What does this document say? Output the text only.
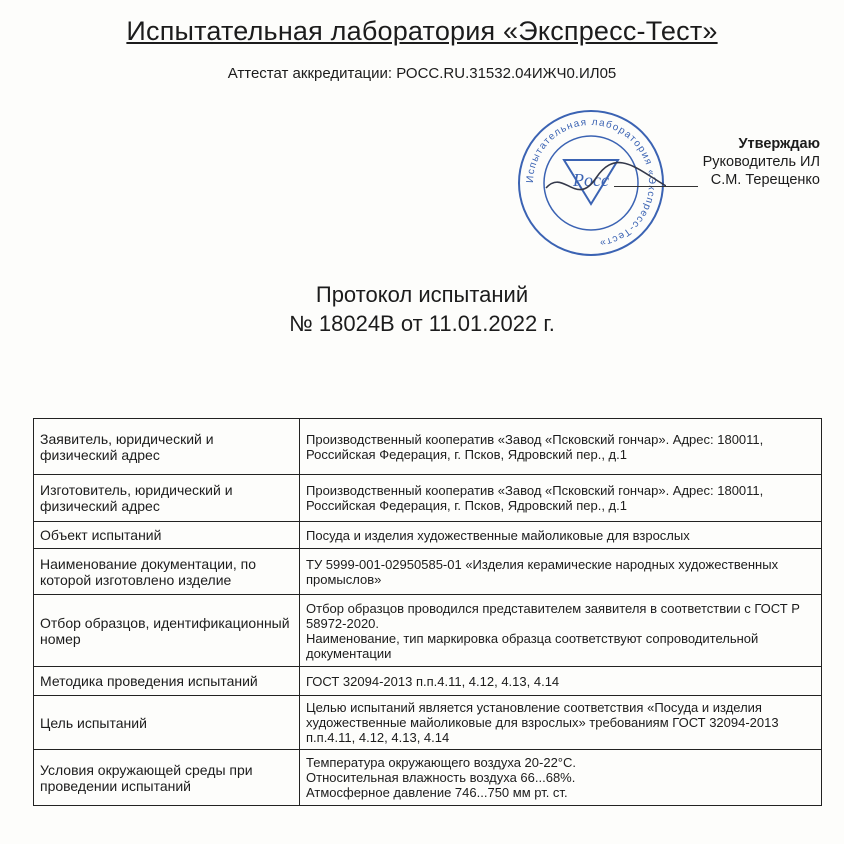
Испытательная лаборатория «Экспресс-Тест»
Аттестат аккредитации: РОСС.RU.31532.04ИЖЧ0.ИЛ05
Испытательная лаборатория «Экспресс-Тест»
Ρосс
Утверждаю
Руководитель ИЛ
С.М. Терещенко
Протокол испытаний
№ 18024В от 11.01.2022 г.
Заявитель, юридический и физический адрес	Производственный кооператив «Завод «Псковский гончар». Адрес: 180011, Российская Федерация, г. Псков, Ядровский пер., д.1
Изготовитель, юридический и физический адрес	Производственный кооператив «Завод «Псковский гончар». Адрес: 180011, Российская Федерация, г. Псков, Ядровский пер., д.1
Объект испытаний	Посуда и изделия художественные майоликовые для взрослых
Наименование документации, по которой изготовлено изделие	ТУ 5999-001-02950585-01 «Изделия керамические народных художественных промыслов»
Отбор образцов, идентификационный номер	Отбор образцов проводился представителем заявителя в соответствии с ГОСТ Р 58972-2020.
Наименование, тип маркировка образца соответствуют сопроводительной документации

Методика проведения испытаний	ГОСТ 32094-2013 п.п.4.11, 4.12, 4.13, 4.14
Цель испытаний	Целью испытаний является установление соответствия «Посуда и изделия художественные майоликовые для взрослых» требованиям ГОСТ 32094-2013 п.п.4.11, 4.12, 4.13, 4.14
Условия окружающей среды при проведении испытаний	Температура окружающего воздуха 20-22°С.
Относительная влажность воздуха 66...68%.
Атмосферное давление 746...750 мм рт. ст.
